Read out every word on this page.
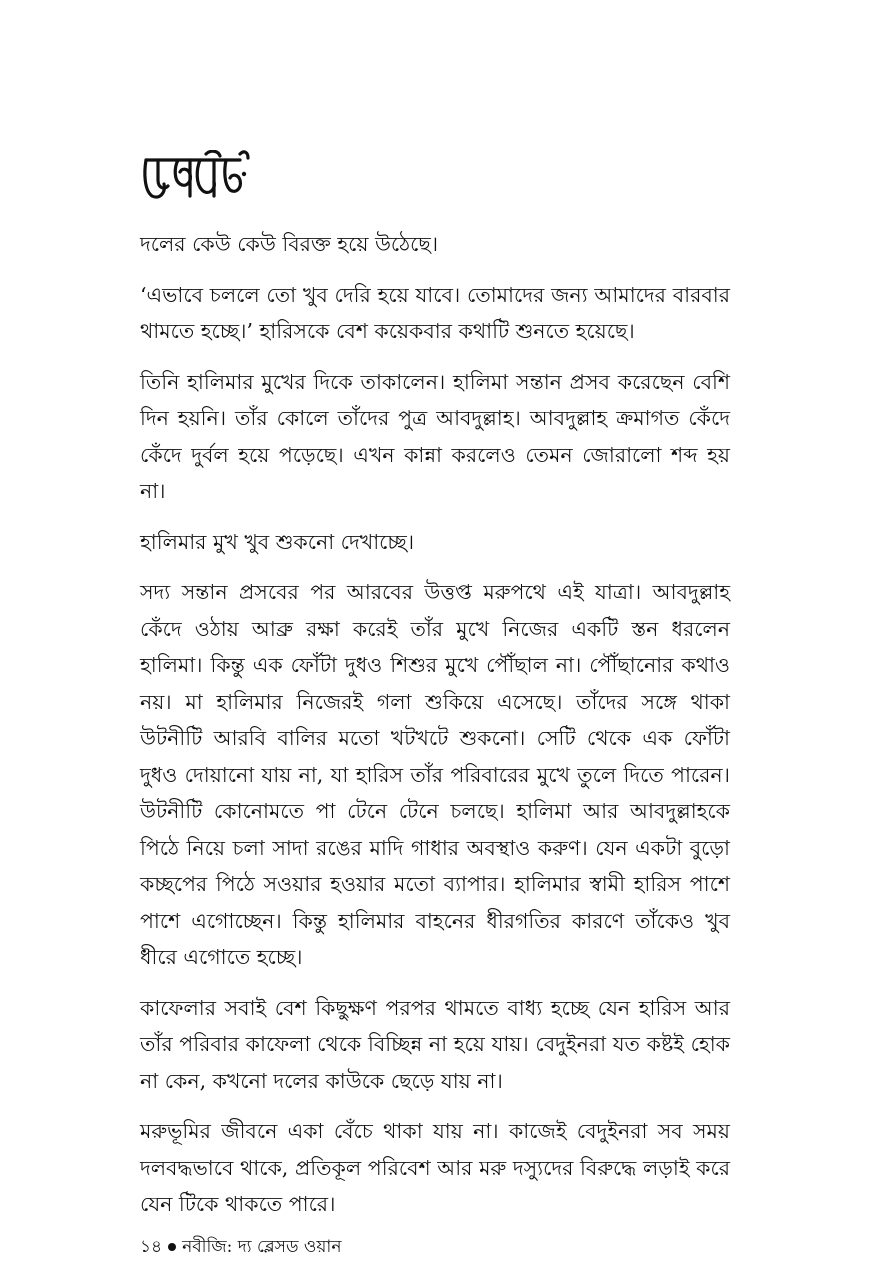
দলের কেউ কেউ বিরক্ত হয়ে উঠেছে।

‘এভাবে চললে তো খুব দেরি হয়ে যাবে। তোমাদের জন্য আমাদের বারবার থামতে হচ্ছে।’ হারিসকে বেশ কয়েকবার কথাটি শুনতে হয়েছে।

তিনি হালিমার মুখের দিকে তাকালেন। হালিমা সন্তান প্রসব করেছেন বেশি দিন হয়নি। তাঁর কোলে তাঁদের পুত্র আবদুল্লাহ। আবদুল্লাহ ক্রমাগত কেঁদে কেঁদে দুর্বল হয়ে পড়েছে। এখন কান্না করলেও তেমন জোরালো শব্দ হয় না।

হালিমার মুখ খুব শুকনো দেখাচ্ছে।

সদ্য সন্তান প্রসবের পর আরবের উত্তপ্ত মরুপথে এই যাত্রা। আবদুল্লাহ কেঁদে ওঠায় আব্রু রক্ষা করেই তাঁর মুখে নিজের একটি স্তন ধরলেন হালিমা। কিন্তু এক ফোঁটা দুধও শিশুর মুখে পৌঁছাল না। পৌঁছানোর কথাও নয়। মা হালিমার নিজেরই গলা শুকিয়ে এসেছে। তাঁদের সঙ্গে থাকা উটনীটি আরবি বালির মতো খটখটে শুকনো। সেটি থেকে এক ফোঁটা দুধও দোয়ানো যায় না, যা হারিস তাঁর পরিবারের মুখে তুলে দিতে পারেন। উটনীটি কোনোমতে পা টেনে টেনে চলছে। হালিমা আর আবদুল্লাহকে পিঠে নিয়ে চলা সাদা রঙের মাদি গাধার অবস্থাও করুণ। যেন একটা বুড়ো কচ্ছপের পিঠে সওয়ার হওয়ার মতো ব্যাপার। হালিমার স্বামী হারিস পাশে পাশে এগোচ্ছেন। কিন্তু হালিমার বাহনের ধীরগতির কারণে তাঁকেও খুব ধীরে এগোতে হচ্ছে।

কাফেলার সবাই বেশ কিছুক্ষণ পরপর থামতে বাধ্য হচ্ছে যেন হারিস আর তাঁর পরিবার কাফেলা থেকে বিচ্ছিন্ন না হয়ে যায়। বেদুইনরা যত কষ্টই হোক না কেন, কখনো দলের কাউকে ছেড়ে যায় না।

মরুভূমির জীবনে একা বেঁচে থাকা যায় না। কাজেই বেদুইনরা সব সময় দলবদ্ধভাবে থাকে, প্রতিকূল পরিবেশ আর মরু দস্যুদের বিরুদ্ধে লড়াই করে যেন টিকে থাকতে পারে।

১৪ নবীজি: দ্য ব্লেসড ওয়ান
